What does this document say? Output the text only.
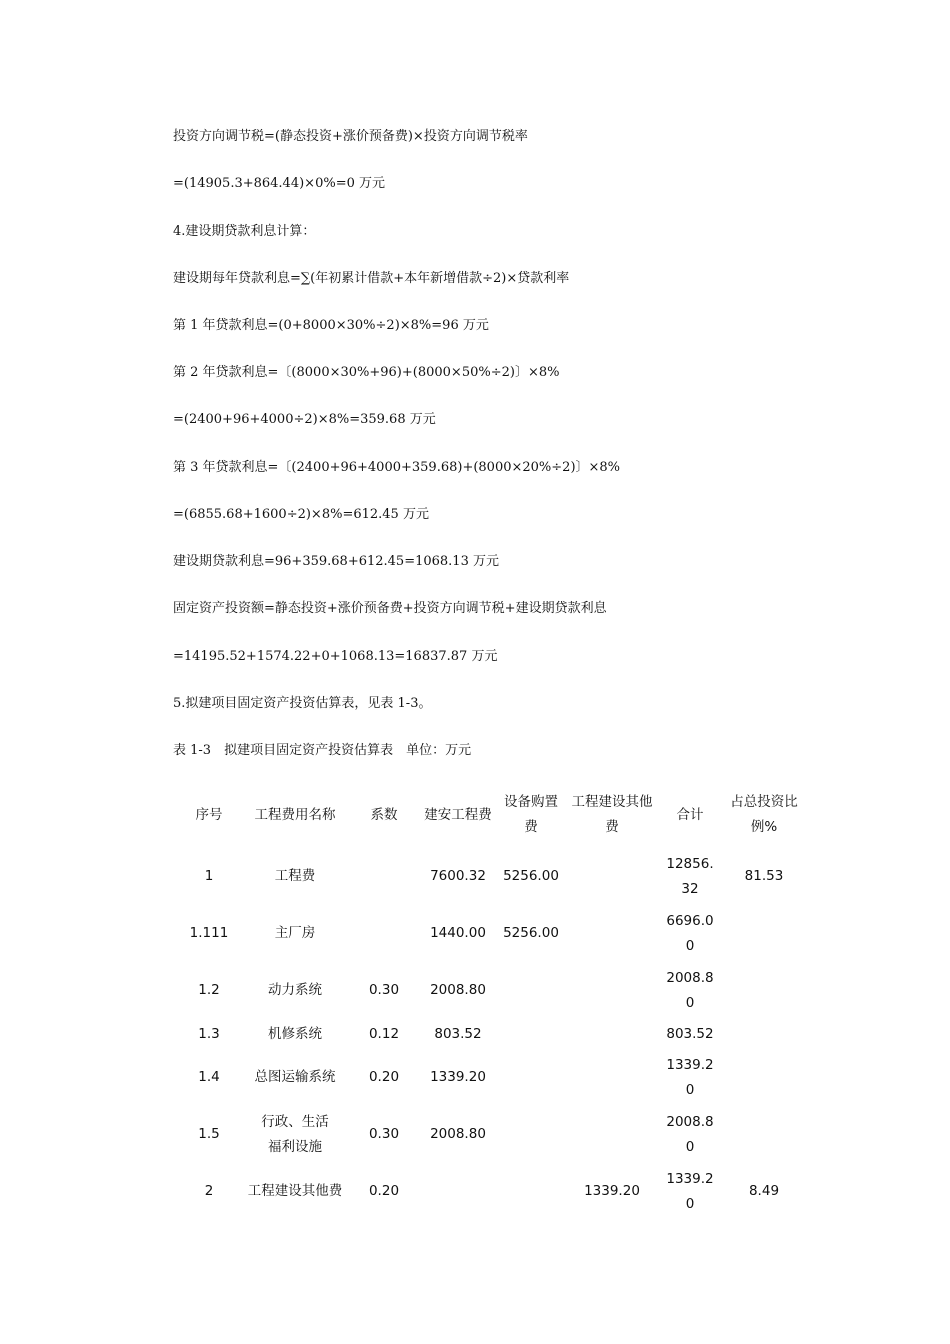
投资方向调节税=(静态投资+涨价预备费)×投资方向调节税率
=(14905.3+864.44)×0%=0 万元
4.建设期贷款利息计算：
建设期每年贷款利息=∑(年初累计借款+本年新增借款÷2)×贷款利率
第 1 年贷款利息=(0+8000×30%÷2)×8%=96 万元
第 2 年贷款利息=〔(8000×30%+96)+(8000×50%÷2)〕×8%
=(2400+96+4000÷2)×8%=359.68 万元
第 3 年贷款利息=〔(2400+96+4000+359.68)+(8000×20%÷2)〕×8%
=(6855.68+1600÷2)×8%=612.45 万元
建设期贷款利息=96+359.68+612.45=1068.13 万元
固定资产投资额=静态投资+涨价预备费+投资方向调节税+建设期贷款利息
=14195.52+1574.22+0+1068.13=16837.87 万元
5.拟建项目固定资产投资估算表，见表 1-3。
表 1-3　拟建项目固定资产投资估算表　单位：万元
序号	工程费用名称	系数	建安工程费	设备购置费	工程建设其他费	合计	占总投资比例%
1	工程费		7600.32	5256.00		12856.32	81.53
1.111	主厂房		1440.00	5256.00		6696.00	
1.2	动力系统	0.30	2008.80			2008.80	
1.3	机修系统	0.12	803.52			803.52	
1.4	总图运输系统	0.20	1339.20			1339.20	
1.5	行政、生活福利设施	0.30	2008.80			2008.80	
2	工程建设其他费	0.20			1339.20	1339.20	8.49
